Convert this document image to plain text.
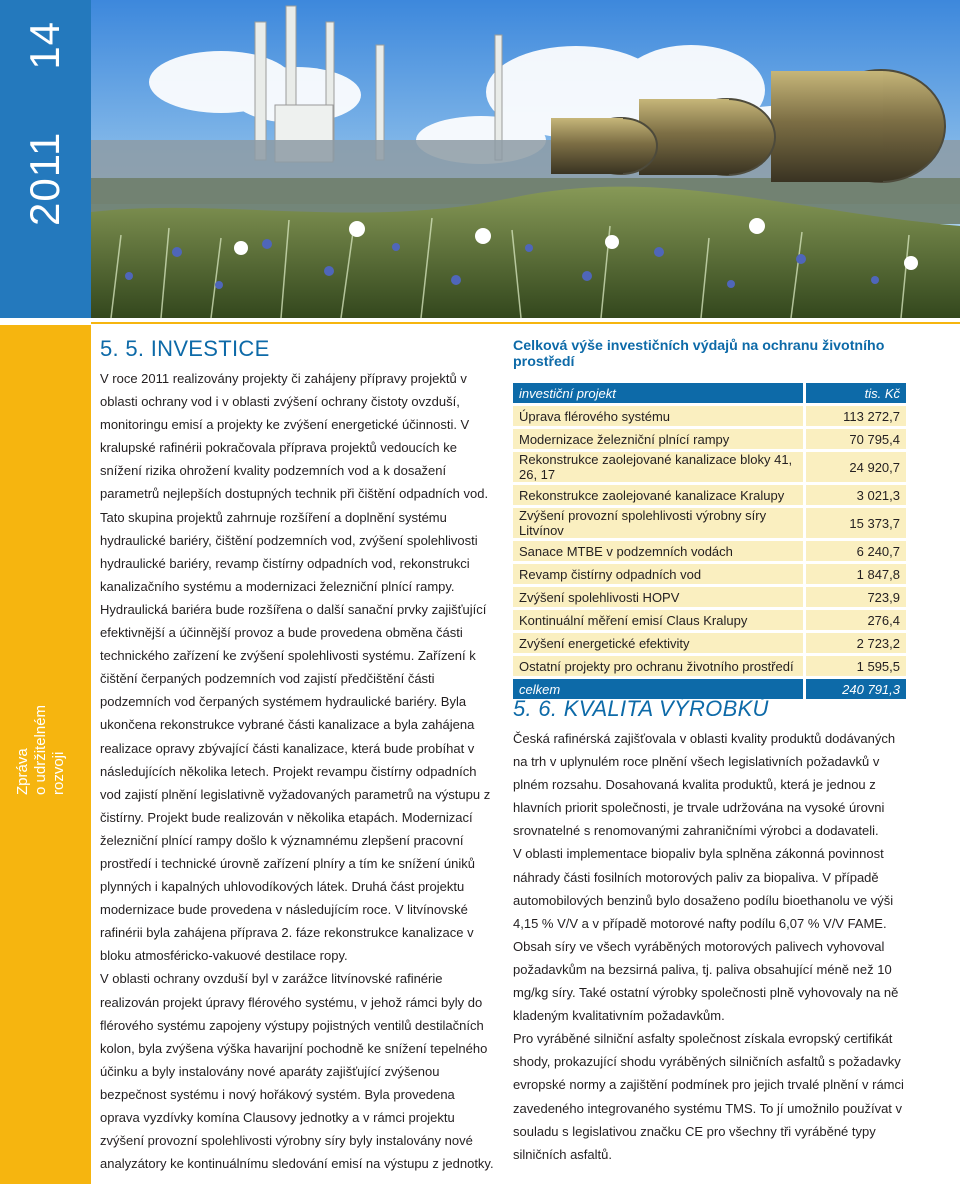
201114
Zpráva o udržitelném rozvoji
5. 5. INVESTICE

V roce 2011 realizovány projekty či zahájeny přípravy projektů v oblasti ochrany vod i v oblasti zvýšení ochrany čistoty ovzduší, monitoringu emisí a projekty ke zvýšení energetické účinnosti. V kralupské rafinérii pokračovala příprava projektů vedoucích ke snížení rizika ohrožení kvality podzemních vod a k dosažení parametrů nejlepších dostupných technik při čištění odpadních vod. Tato skupina projektů zahrnuje rozšíření a doplnění systému hydraulické bariéry, čištění podzemních vod, zvýšení spolehlivosti hydraulické bariéry, revamp čistírny odpadních vod, rekonstrukci kanalizačního systému a modernizaci železniční plnící rampy. Hydraulická bariéra bude rozšířena o další sanační prvky zajišťující efektivnější a účinnější provoz a bude provedena obměna části technického zařízení ke zvýšení spolehlivosti systému. Zařízení k čištění čerpaných podzemních vod zajistí předčištění části podzemních vod čerpaných systémem hydraulické bariéry. Byla ukončena rekonstrukce vybrané části kanalizace a byla zahájena realizace opravy zbývající části kanalizace, která bude probíhat v následujících několika letech. Projekt revampu čistírny odpadních vod zajistí plnění legislativně vyžadovaných parametrů na výstupu z čistírny. Projekt bude realizován v několika etapách. Modernizací železniční plnící rampy došlo k významnému zlepšení pracovní prostředí i technické úrovně zařízení plníry a tím ke snížení úniků plynných i kapalných uhlovodíkových látek. Druhá část projektu modernizace bude provedena v následujícím roce. V litvínovské rafinérii byla zahájena příprava 2. fáze rekonstrukce kanalizace v bloku atmosféricko-vakuové destilace ropy.

V oblasti ochrany ovzduší byl v zarážce litvínovské rafinérie realizován projekt úpravy flérového systému, v jehož rámci byly do flérového systému zapojeny výstupy pojistných ventilů destilačních kolon, byla zvýšena výška havarijní pochodně ke snížení tepelného účinku a byly instalovány nové aparáty zajišťující zvýšenou bezpečnost systému i nový hořákový systém. Byla provedena oprava vyzdívky komína Clausovy jednotky a v rámci projektu zvýšení provozní spolehlivosti výrobny síry byly instalovány nové analyzátory ke kontinuálnímu sledování emisí na výstupu z jednotky.

Celková výše investičních výdajů na ochranu životního prostředí
investiční projekt	tis. Kč
Úprava flérového systému	113 272,7
Modernizace železniční plnící rampy	70 795,4
Rekonstrukce zaolejované kanalizace bloky 41, 26, 17	24 920,7
Rekonstrukce zaolejované kanalizace Kralupy	3 021,3
Zvýšení provozní spolehlivosti výrobny síry Litvínov	15 373,7
Sanace MTBE v podzemních vodách	6 240,7
Revamp čistírny odpadních vod	1 847,8
Zvýšení spolehlivosti HOPV	723,9
Kontinuální měření emisí Claus Kralupy	276,4
Zvýšení energetické efektivity	2 723,2
Ostatní projekty pro ochranu životního prostředí	1 595,5
celkem	240 791,3
5. 6. KVALITA VÝROBKŮ

Česká rafinérská zajišťovala v oblasti kvality produktů dodávaných na trh v uplynulém roce plnění všech legislativních požadavků v plném rozsahu. Dosahovaná kvalita produktů, která je jednou z hlavních priorit společnosti, je trvale udržována na vysoké úrovni srovnatelné s renomovanými zahraničními výrobci a dodavateli.

V oblasti implementace biopaliv byla splněna zákonná povinnost náhrady části fosilních motorových paliv za biopaliva. V případě automobilových benzinů bylo dosaženo podílu bioethanolu ve výši 4,15 % V/V a v případě motorové nafty podílu 6,07 % V/V FAME.

Obsah síry ve všech vyráběných motorových palivech vyhovoval požadavkům na bezsirná paliva, tj. paliva obsahující méně než 10 mg/kg síry. Také ostatní výrobky společnosti plně vyhovovaly na ně kladeným kvalitativním požadavkům.

Pro vyráběné silniční asfalty společnost získala evropský certifikát shody, prokazující shodu vyráběných silničních asfaltů s požadavky evropské normy a zajištění podmínek pro jejich trvalé plnění v rámci zavedeného integrovaného systému TMS. To jí umožnilo používat v souladu s legislativou značku CE pro všechny tři vyráběné typy silničních asfaltů.
